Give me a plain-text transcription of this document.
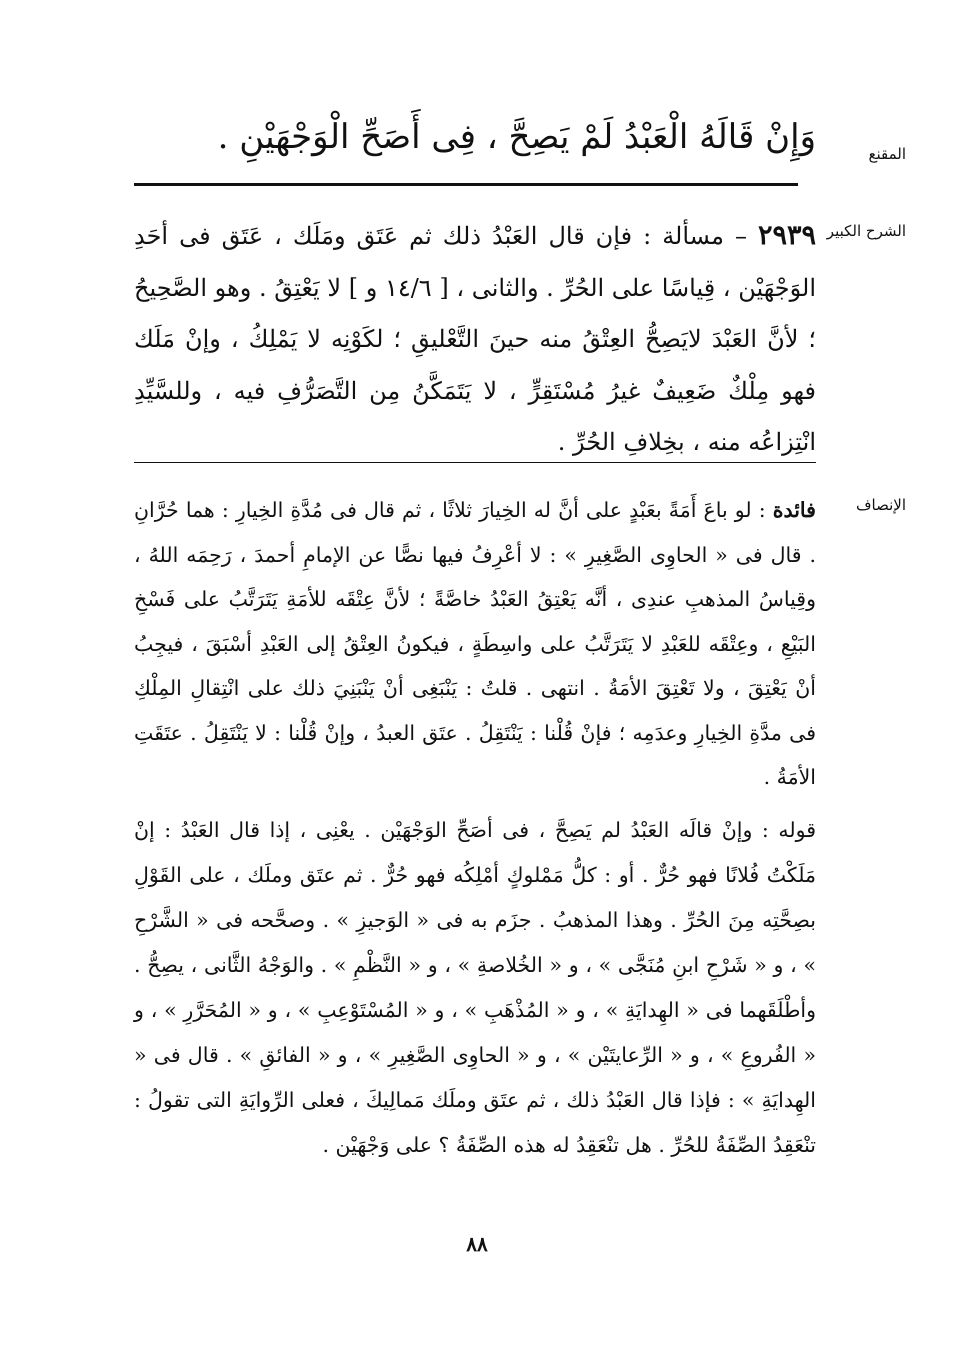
المقنع
وَإِنْ قَالَهُ الْعَبْدُ لَمْ يَصِحَّ ، فِى أَصَحِّ الْوَجْهَيْنِ .
الشرح الكبير
٢٩٣٩ – مسألة : فإن قال العَبْدُ ذلك ثم عَتَق ومَلَك ، عَتَق فى أحَدِ الوَجْهَيْن ، قِياسًا على الحُرِّ . والثانى ، [ ١٤/٦ و ] لا يَعْتِقُ . وهو الصَّحِيحُ ؛ لأنَّ العَبْدَ لايَصِحُّ العِتْقُ منه حينَ التَّعْليقِ ؛ لكَوْنِه لا يَمْلِكُ ، وإنْ مَلَك فهو مِلْكٌ ضَعِيفٌ غيرُ مُسْتَقِرٍّ ، لا يَتَمَكَّنُ مِن التَّصَرُّفِ فيه ، وللسَّيِّدِ انْتِزاعُه منه ، بخِلافِ الحُرِّ .
الإنصاف
فائدة : لو باعَ أَمَةً بعَبْدٍ على أنَّ له الخِيارَ ثلاثًا ، ثم قال فى مُدَّةِ الخِيارِ : هما حُرَّانِ . قال فى « الحاوِى الصَّغِيرِ » : لا أعْرِفُ فيها نصًّا عن الإمامِ أحمدَ ، رَحِمَه اللهُ ، وقِياسُ المذهبِ عندِى ، أنَّه يَعْتِقُ العَبْدُ خاصَّةً ؛ لأنَّ عِتْقَه للأمَةِ يَتَرَتَّبُ على فَسْخِ البَيْعِ ، وعِتْقَه للعَبْدِ لا يَتَرَتَّبُ على واسِطَةٍ ، فيكونُ العِتْقُ إلى العَبْدِ أسْبَقَ ، فيجِبُ أنْ يَعْتِقَ ، ولا تَعْتِقَ الأمَةُ . انتهى . قلتُ : يَنْبَغِى أنْ يَنْبَنِيَ ذلك على انْتِقالِ المِلْكِ فى مدَّةِ الخِيارِ وعدَمِه ؛ فإنْ قُلْنا : يَنْتَقِلُ . عتَق العبدُ ، وإنْ قُلْنا : لا يَنْتَقِلُ . عتَقَتِ الأمَةُ .
قوله : وإنْ قالَه العَبْدُ لم يَصِحَّ ، فى أصَحِّ الوَجْهَيْن . يعْنِى ، إذا قال العَبْدُ : إنْ مَلَكْتُ فُلانًا فهو حُرٌّ . أو : كلُّ مَمْلوكٍ أمْلِكُه فهو حُرٌّ . ثم عتَق وملَك ، على القَوْلِ بصِحَّتِه مِنَ الحُرِّ . وهذا المذهبُ . جزَم به فى « الوَجيزِ » . وصحَّحه فى « الشَّرْحِ » ، و « شَرْحِ ابنِ مُنَجَّى » ، و « الخُلاصةِ » ، و « النَّظْمِ » . والوَجْهُ الثَّانى ، يصِحُّ . وأطْلَقَهما فى « الهِدايَةِ » ، و « المُذْهَبِ » ، و « المُسْتَوْعِبِ » ، و « المُحَرَّرِ » ، و « الفُروعِ » ، و « الرِّعايتَيْن » ، و « الحاوِى الصَّغِيرِ » ، و « الفائقِ » . قال فى « الهِدايَةِ » : فإذا قال العَبْدُ ذلك ، ثم عتَق وملَك مَمالِيكَ ، فعلى الرِّوايَةِ التى تقولُ : تنْعَقِدُ الصِّفَةُ للحُرِّ . هل تنْعَقِدُ له هذه الصِّفَةُ ؟ على وَجْهَيْن .
٨٨
